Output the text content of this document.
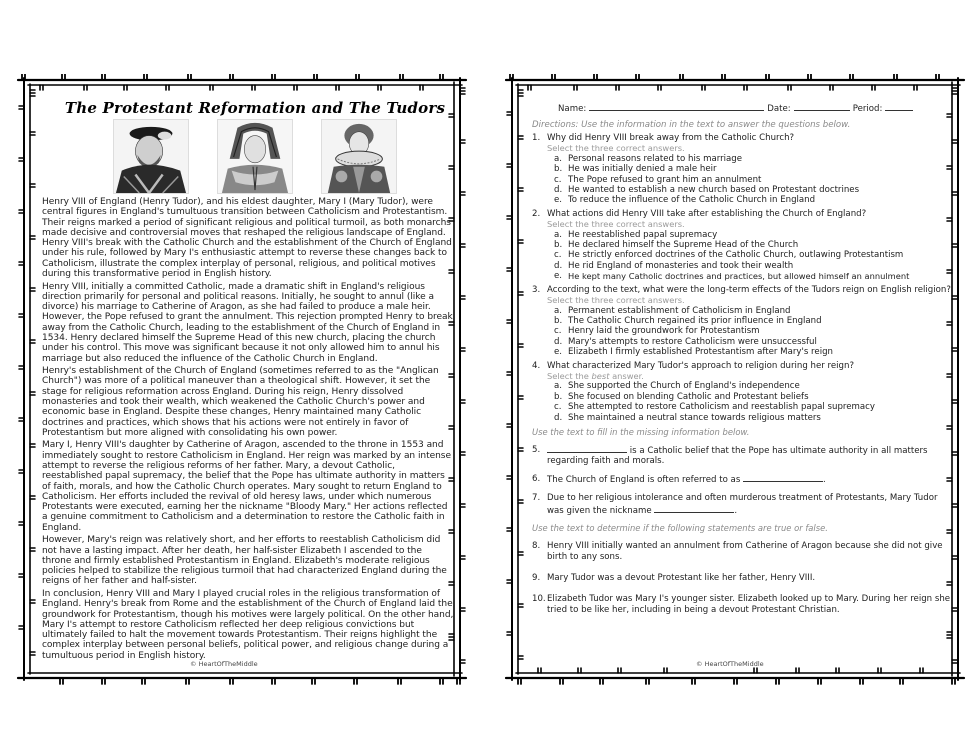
The Protestant Reformation and The Tudors

Henry VIII of England (Henry Tudor), and his eldest daughter, Mary I (Mary Tudor), were central figures in England's tumultuous transition between Catholicism and Protestantism. Their reigns marked a period of significant religious and political turmoil, as both monarchs made decisive and controversial moves that reshaped the religious landscape of England. Henry VIII's break with the Catholic Church and the establishment of the Church of England under his rule, followed by Mary I's enthusiastic attempt to reverse these changes back to Catholicism, illustrate the complex interplay of personal, religious, and political motives during this transformative period in English history.

Henry VIII, initially a committed Catholic, made a dramatic shift in England's religious direction primarily for personal and political reasons. Initially, he sought to annul (like a divorce) his marriage to Catherine of Aragon, as she had failed to produce a male heir. However, the Pope refused to grant the annulment. This rejection prompted Henry to break away from the Catholic Church, leading to the establishment of the Church of England in 1534. Henry declared himself the Supreme Head of this new church, placing the church under his control. This move was significant because it not only allowed him to annul his marriage but also reduced the influence of the Catholic Church in England.

Henry's establishment of the Church of England (sometimes referred to as the "Anglican Church") was more of a political maneuver than a theological shift. However, it set the stage for religious reformation across England. During his reign, Henry dissolved monasteries and took their wealth, which weakened the Catholic Church's power and economic base in England. Despite these changes, Henry maintained many Catholic doctrines and practices, which shows that his actions were not entirely in favor of Protestantism but more aligned with consolidating his own power.

Mary I, Henry VIII's daughter by Catherine of Aragon, ascended to the throne in 1553 and immediately sought to restore Catholicism in England. Her reign was marked by an intense attempt to reverse the religious reforms of her father. Mary, a devout Catholic, reestablished papal supremacy, the belief that the Pope has ultimate authority in matters of faith, morals, and how the Catholic Church operates. Mary sought to return England to Catholicism. Her efforts included the revival of old heresy laws, under which numerous Protestants were executed, earning her the nickname "Bloody Mary." Her actions reflected a genuine commitment to Catholicism and a determination to restore the Catholic faith in England.

However, Mary's reign was relatively short, and her efforts to reestablish Catholicism did not have a lasting impact. After her death, her half-sister Elizabeth I ascended to the throne and firmly established Protestantism in England. Elizabeth's moderate religious policies helped to stabilize the religious turmoil that had characterized England during the reigns of her father and half-sister.

In conclusion, Henry VIII and Mary I played crucial roles in the religious transformation of England. Henry's break from Rome and the establishment of the Church of England laid the groundwork for Protestantism, though his motives were largely political. On the other hand, Mary I's attempt to restore Catholicism reflected her deep religious convictions but ultimately failed to halt the movement towards Protestantism. Their reigns highlight the complex interplay between personal beliefs, political power, and religious change during a tumultuous period in English history.

© HeartOfTheMiddle
Name:	Date:	Period:
Directions: Use the information in the text to answer the questions below.
1. Why did Henry VIII break away from the Catholic Church?
Select the three correct answers.
a. Personal reasons related to his marriage
b. He was initially denied a male heir
c. The Pope refused to grant him an annulment
d. He wanted to establish a new church based on Protestant doctrines
e. To reduce the influence of the Catholic Church in England
2. What actions did Henry VIII take after establishing the Church of England?
Select the three correct answers.
a. He reestablished papal supremacy
b. He declared himself the Supreme Head of the Church
c. He strictly enforced doctrines of the Catholic Church, outlawing Protestantism
d. He rid England of monasteries and took their wealth
e. He kept many Catholic doctrines and practices, but allowed himself an annulment
3. According to the text, what were the long-term effects of the Tudors reign on English religion?
Select the three correct answers.
a. Permanent establishment of Catholicism in England
b. The Catholic Church regained its prior influence in England
c. Henry laid the groundwork for Protestantism
d. Mary's attempts to restore Catholicism were unsuccessful
e. Elizabeth I firmly established Protestantism after Mary's reign
4. What characterized Mary Tudor's approach to religion during her reign?
Select the best answer.
a. She supported the Church of England's independence
b. She focused on blending Catholic and Protestant beliefs
c. She attempted to restore Catholicism and reestablish papal supremacy
d. She maintained a neutral stance towards religious matters
Use the text to fill in the missing information below.
5.	is a Catholic belief that the Pope has ultimate authority in all matters regarding faith and morals.
6. The Church of England is often referred to as	.
7. Due to her religious intolerance and often murderous treatment of Protestants, Mary Tudor was given the nickname	.
Use the text to determine if the following statements are true or false.
8. Henry VIII initially wanted an annulment from Catherine of Aragon because she did not give birth to any sons.
9. Mary Tudor was a devout Protestant like her father, Henry VIII.
10. Elizabeth Tudor was Mary I's younger sister. Elizabeth looked up to Mary. During her reign she tried to be like her, including in being a devout Protestant Christian.
© HeartOfTheMiddle
